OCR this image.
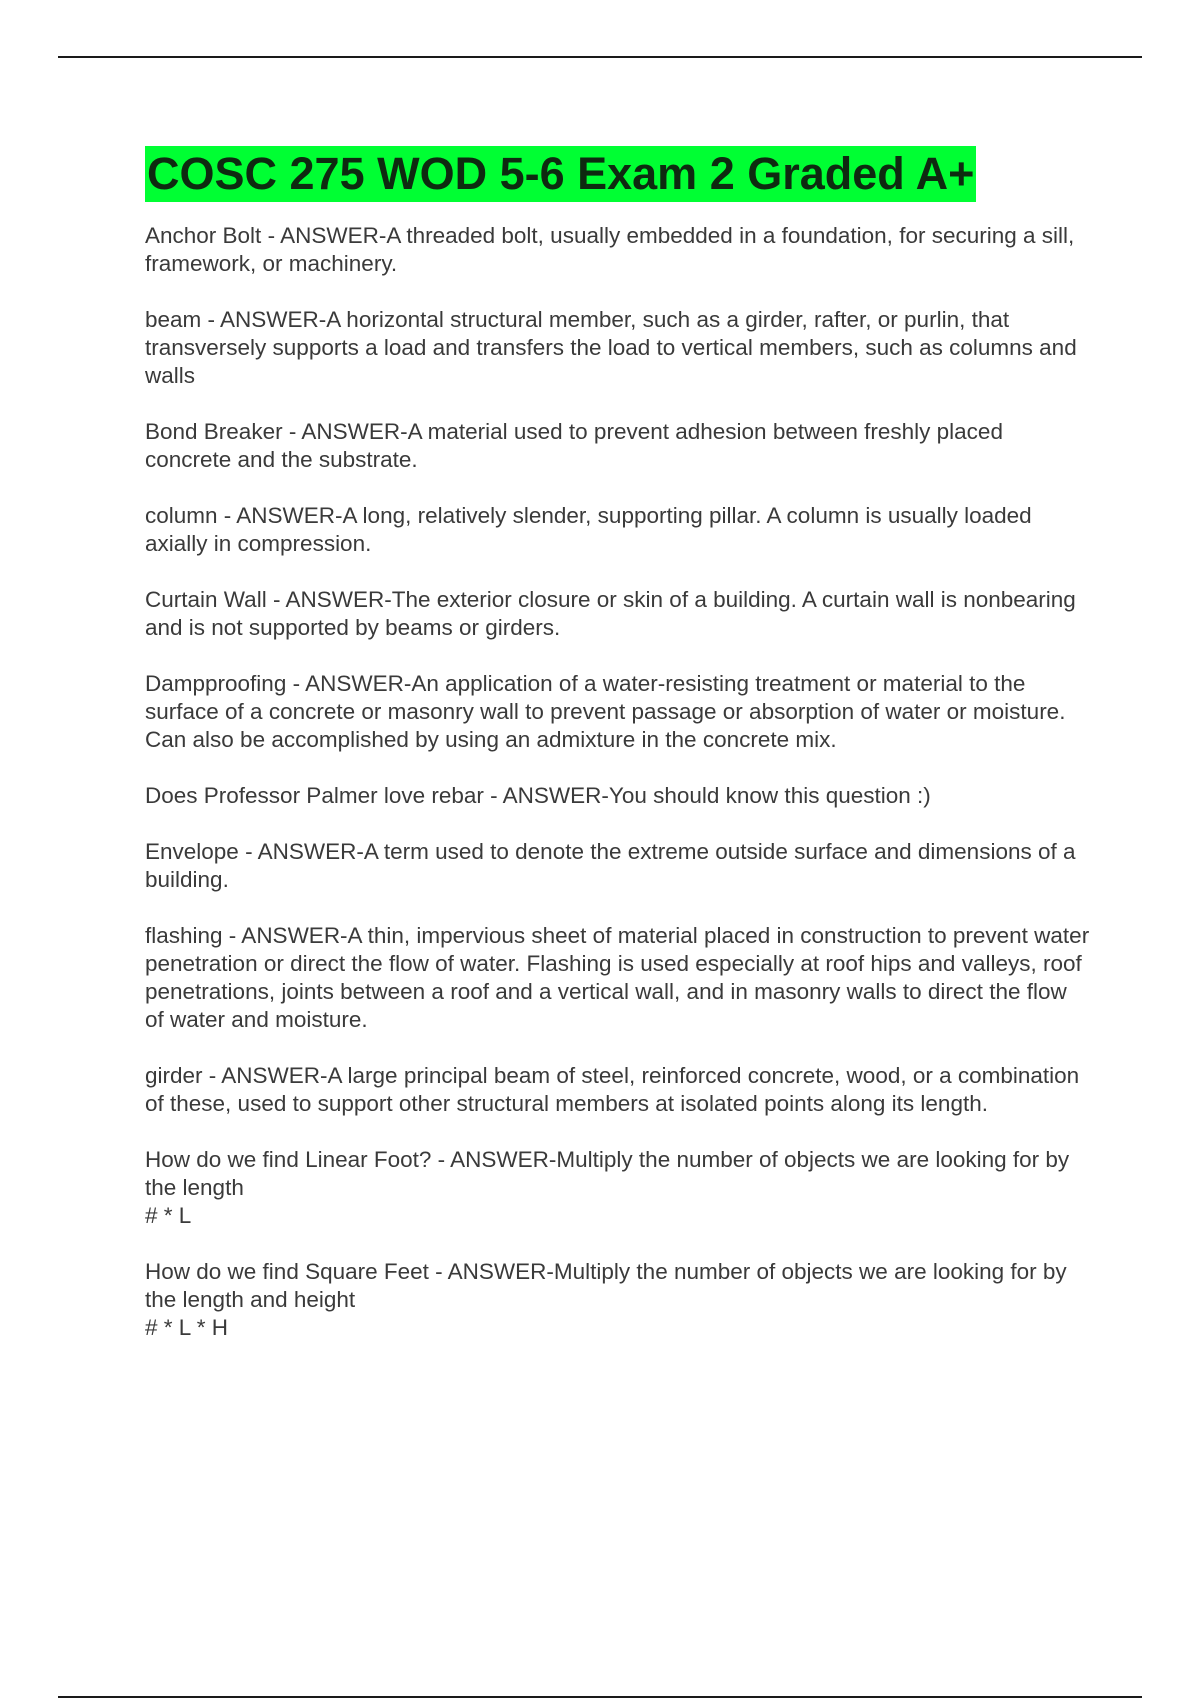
COSC 275 WOD 5-6 Exam 2 Graded A+

Anchor Bolt - ANSWER-A threaded bolt, usually embedded in a foundation, for securing a sill, framework, or machinery.

beam - ANSWER-A horizontal structural member, such as a girder, rafter, or purlin, that transversely supports a load and transfers the load to vertical members, such as columns and walls

Bond Breaker - ANSWER-A material used to prevent adhesion between freshly placed concrete and the substrate.

column - ANSWER-A long, relatively slender, supporting pillar. A column is usually loaded axially in compression.

Curtain Wall - ANSWER-The exterior closure or skin of a building. A curtain wall is nonbearing and is not supported by beams or girders.

Dampproofing - ANSWER-An application of a water-resisting treatment or material to the surface of a concrete or masonry wall to prevent passage or absorption of water or moisture. Can also be accomplished by using an admixture in the concrete mix.

Does Professor Palmer love rebar - ANSWER-You should know this question :)

Envelope - ANSWER-A term used to denote the extreme outside surface and dimensions of a building.

flashing - ANSWER-A thin, impervious sheet of material placed in construction to prevent water penetration or direct the flow of water. Flashing is used especially at roof hips and valleys, roof penetrations, joints between a roof and a vertical wall, and in masonry walls to direct the flow of water and moisture.

girder - ANSWER-A large principal beam of steel, reinforced concrete, wood, or a combination of these, used to support other structural members at isolated points along its length.

How do we find Linear Foot? - ANSWER-Multiply the number of objects we are looking for by the length
# * L

How do we find Square Feet - ANSWER-Multiply the number of objects we are looking for by the length and height
# * L * H
